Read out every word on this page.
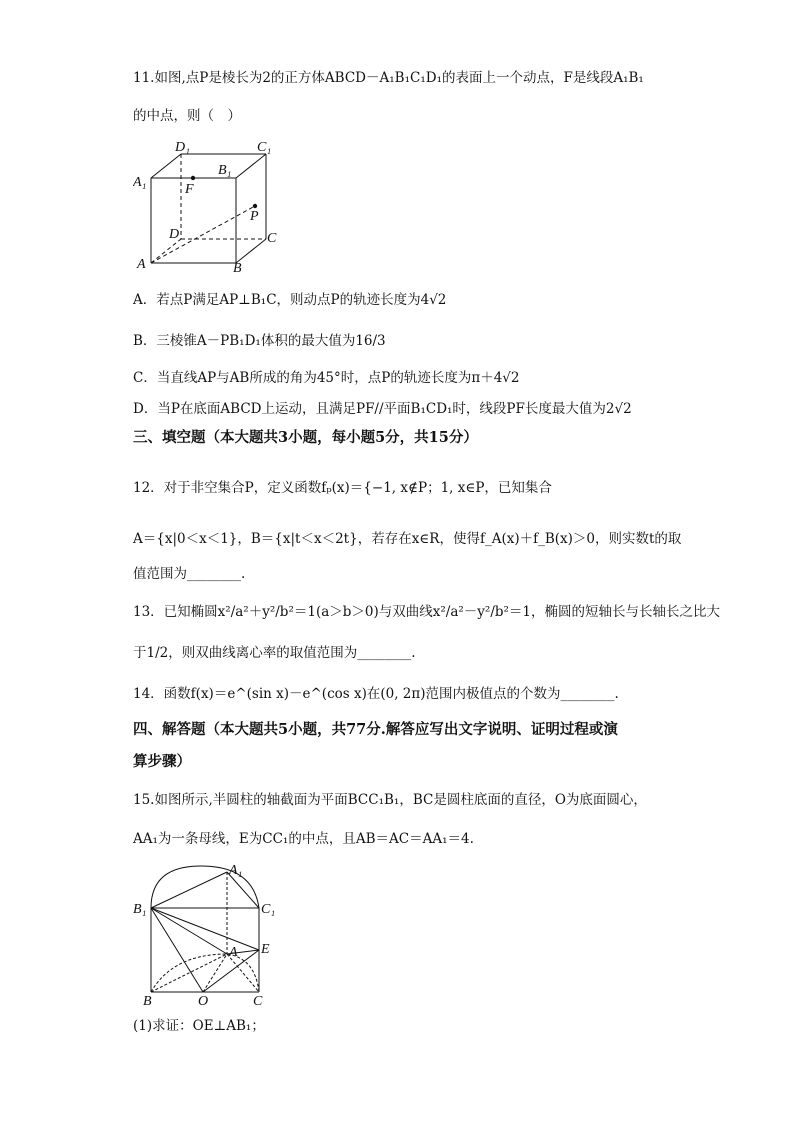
11.如图,点P是棱长为2的正方体ABCD－A₁B₁C₁D₁的表面上一个动点，F是线段A₁B₁
的中点，则（　）
D₁	C₁
A₁
B₁
F
P
D	C
A	B
A．若点P满足AP⊥B₁C，则动点P的轨迹长度为4√2
B．三棱锥A－PB₁D₁体积的最大值为16/3
C．当直线AP与AB所成的角为45°时，点P的轨迹长度为π＋4√2
D．当P在底面ABCD上运动，且满足PF//平面B₁CD₁时，线段PF长度最大值为2√2
三、填空题（本大题共3小题，每小题5分，共15分）
12．对于非空集合P，定义函数fₚ(x)＝{−1, x∉P；1, x∈P，已知集合
A＝{x|0＜x＜1}，B＝{x|t＜x＜2t}，若存在x∈R，使得f_A(x)＋f_B(x)＞0，则实数t的取
值范围为________.
13．已知椭圆x²/a²＋y²/b²＝1(a＞b＞0)与双曲线x²/a²－y²/b²＝1，椭圆的短轴长与长轴长之比大
于1/2，则双曲线离心率的取值范围为________.
14．函数f(x)＝e^(sin x)－e^(cos x)在(0, 2π)范围内极值点的个数为________.
四、解答题（本大题共5小题，共77分.解答应写出文字说明、证明过程或演
算步骤）
15.如图所示,半圆柱的轴截面为平面BCC₁B₁，BC是圆柱底面的直径，O为底面圆心，
AA₁为一条母线，E为CC₁的中点，且AB＝AC＝AA₁＝4.
A₁
B₁	C₁
A E
B	O	C
(1)求证：OE⊥AB₁；
